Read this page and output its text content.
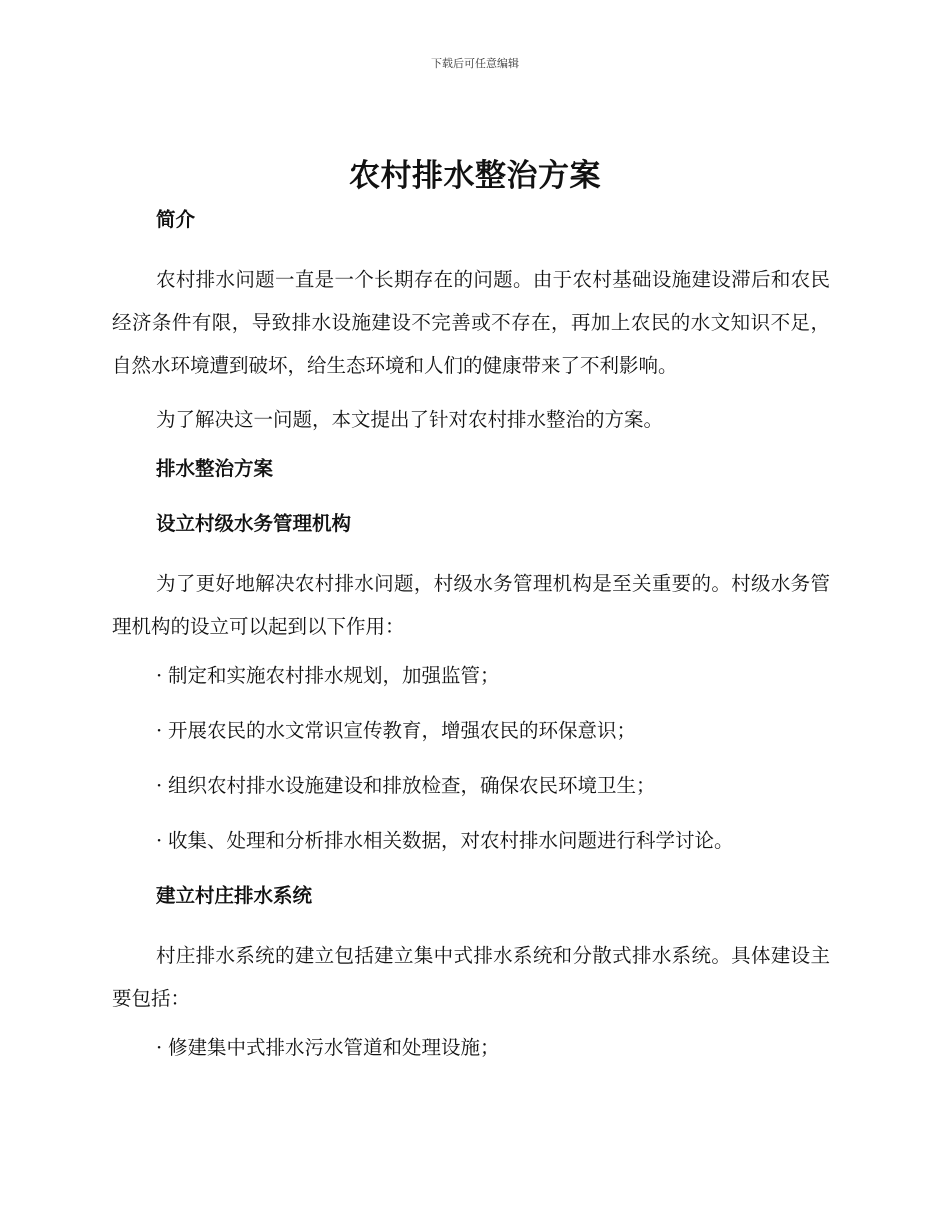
下载后可任意编辑
农村排水整治方案
简介

农村排水问题一直是一个长期存在的问题。由于农村基础设施建设滞后和农民经济条件有限，导致排水设施建设不完善或不存在，再加上农民的水文知识不足，自然水环境遭到破坏，给生态环境和人们的健康带来了不利影响。

为了解决这一问题，本文提出了针对农村排水整治的方案。

排水整治方案
设立村级水务管理机构

为了更好地解决农村排水问题，村级水务管理机构是至关重要的。村级水务管理机构的设立可以起到以下作用：

· 制定和实施农村排水规划，加强监管；
· 开展农民的水文常识宣传教育，增强农民的环保意识；
· 组织农村排水设施建设和排放检查，确保农民环境卫生；
· 收集、处理和分析排水相关数据，对农村排水问题进行科学讨论。
建立村庄排水系统

村庄排水系统的建立包括建立集中式排水系统和分散式排水系统。具体建设主要包括：

· 修建集中式排水污水管道和处理设施；
